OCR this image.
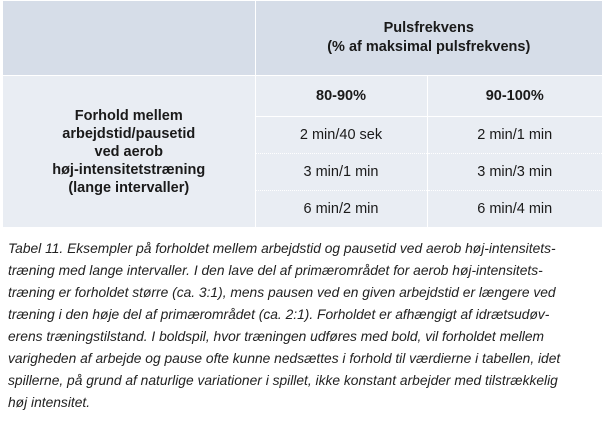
	Pulsfrekvens
(% af maksimal pulsfrekvens)	

Forhold mellem
arbejdstid/pausetid
ved aerob
høj-intensitetstræning
(lange intervaller)	80-90%	90-100%
	2 min/40 sek	2 min/1 min
	3 min/1 min	3 min/3 min
	6 min/2 min	6 min/4 min

Tabel 11. Eksempler på forholdet mellem arbejdstid og pausetid ved aerob høj-intensitets-

træning med lange intervaller. I den lave del af primærområdet for aerob høj-intensitets-

træning er forholdet større (ca. 3:1), mens pausen ved en given arbejdstid er længere ved

træning i den høje del af primærområdet (ca. 2:1). Forholdet er afhængigt af idrætsudøv-

erens træningstilstand. I boldspil, hvor træningen udføres med bold, vil forholdet mellem

varigheden af arbejde og pause ofte kunne nedsættes i forhold til værdierne i tabellen, idet

spillerne, på grund af naturlige variationer i spillet, ikke konstant arbejder med tilstrækkelig

høj intensitet.
